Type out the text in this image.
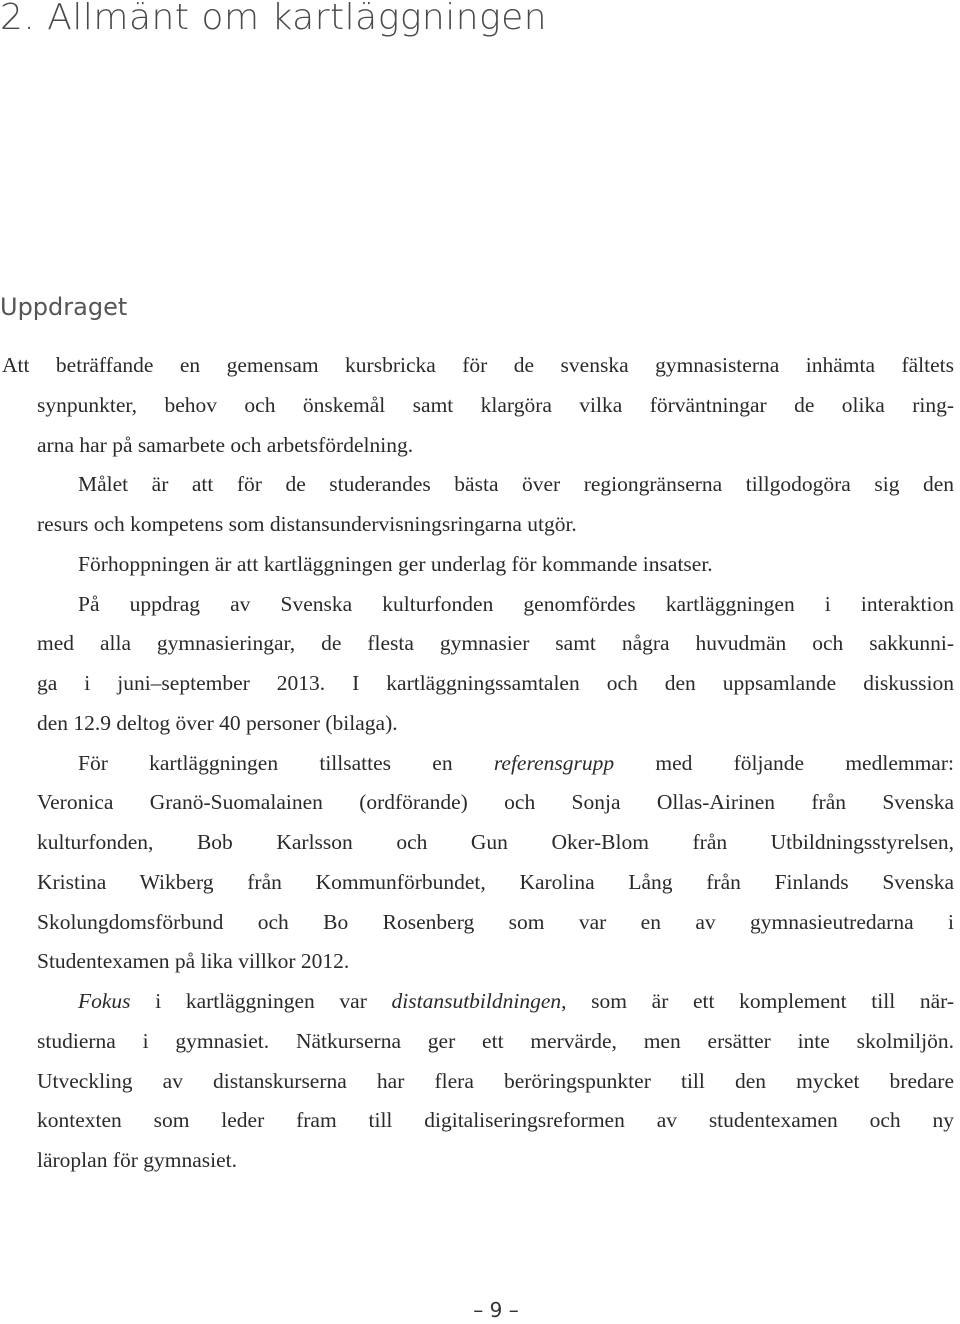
2. Allmänt om kartläggningen
Uppdraget
Att beträffande en gemensam kursbricka för de svenska gymnasisterna inhämta fältets
synpunkter, behov och önskemål samt klargöra vilka förväntningar de olika ring-
arna har på samarbete och arbetsfördelning.
Målet är att för de studerandes bästa över regiongränserna tillgodogöra sig den
resurs och kompetens som distansundervisningsringarna utgör.
Förhoppningen är att kartläggningen ger underlag för kommande insatser.
På uppdrag av Svenska kulturfonden genomfördes kartläggningen i interaktion
med alla gymnasieringar, de flesta gymnasier samt några huvudmän och sakkunni-
ga i juni–september 2013. I kartläggningssamtalen och den uppsamlande diskussion
den 12.9 deltog över 40 personer (bilaga).
För kartläggningen tillsattes en referensgrupp med följande medlemmar:
Veronica Granö-Suomalainen (ordförande) och Sonja Ollas-Airinen från Svenska
kulturfonden, Bob Karlsson och Gun Oker-Blom från Utbildningsstyrelsen,
Kristina Wikberg från Kommunförbundet, Karolina Lång från Finlands Svenska
Skolungdomsförbund och Bo Rosenberg som var en av gymnasieutredarna i
Studentexamen på lika villkor 2012.
Fokus i kartläggningen var distansutbildningen, som är ett komplement till när-
studierna i gymnasiet. Nätkurserna ger ett mervärde, men ersätter inte skolmiljön.
Utveckling av distanskurserna har flera beröringspunkter till den mycket bredare
kontexten som leder fram till digitaliseringsreformen av studentexamen och ny
läroplan för gymnasiet.
– 9 –
